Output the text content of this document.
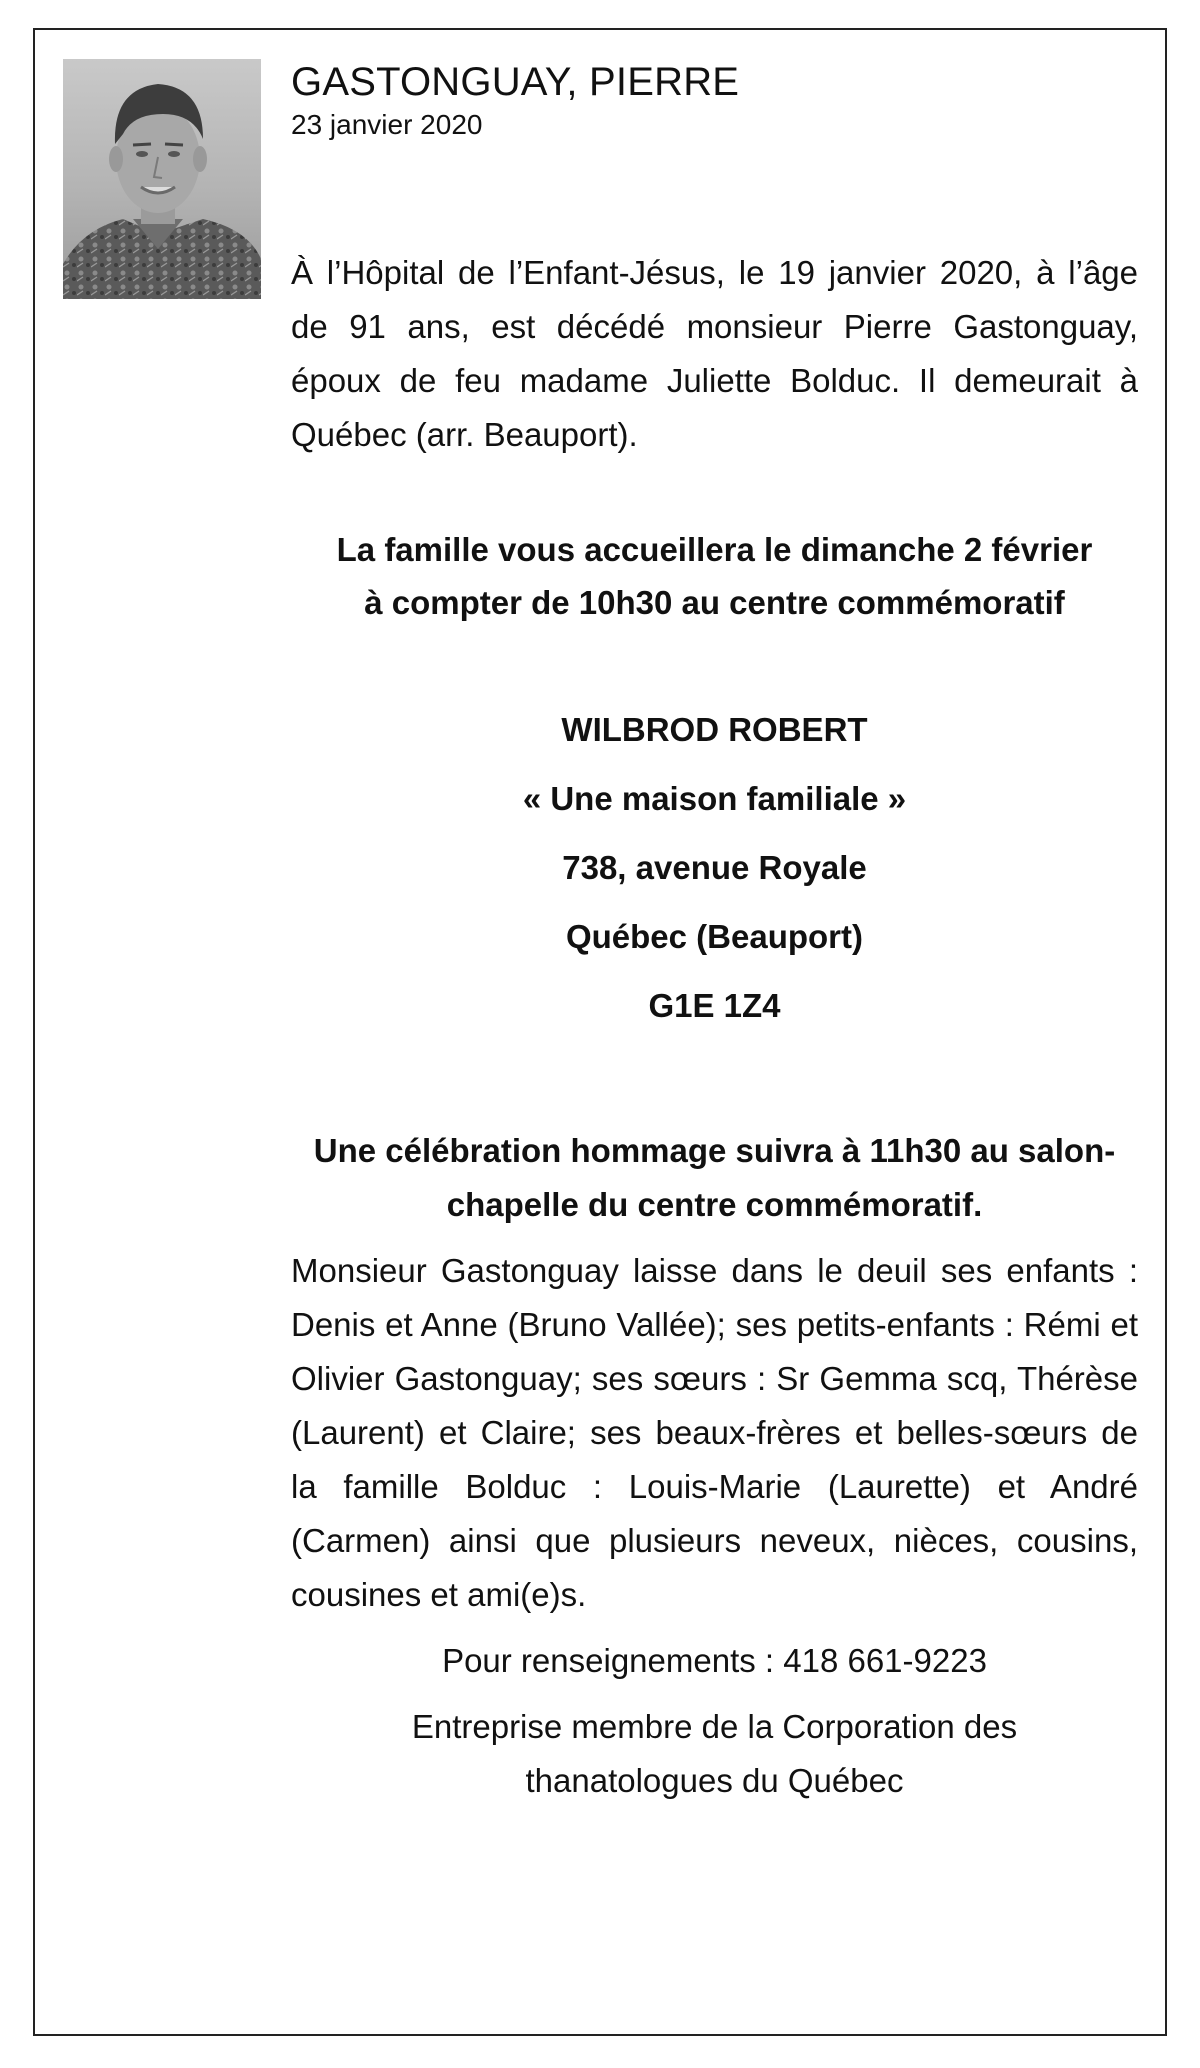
GASTONGUAY, PIERRE

23 janvier 2020

À l’Hôpital de l’Enfant-Jésus, le 19 janvier 2020, à l’âge de 91 ans, est décédé monsieur Pierre Gastonguay, époux de feu madame Juliette Bolduc. Il demeurait à Québec (arr. Beauport).

La famille vous accueillera le dimanche 2 février à compter de 10h30 au centre commémoratif

WILBROD ROBERT
« Une maison familiale »
738, avenue Royale
Québec (Beauport)
G1E 1Z4

Une célébration hommage suivra à 11h30 au salon-chapelle du centre commémoratif.

Monsieur Gastonguay laisse dans le deuil ses enfants : Denis et Anne (Bruno Vallée); ses petits-enfants : Rémi et Olivier Gastonguay; ses sœurs : Sr Gemma scq, Thérèse (Laurent) et Claire; ses beaux-frères et belles-sœurs de la famille Bolduc : Louis-Marie (Laurette) et André (Carmen) ainsi que plusieurs neveux, nièces, cousins, cousines et ami(e)s.

Pour renseignements : 418 661-9223

Entreprise membre de la Corporation des thanatologues du Québec
